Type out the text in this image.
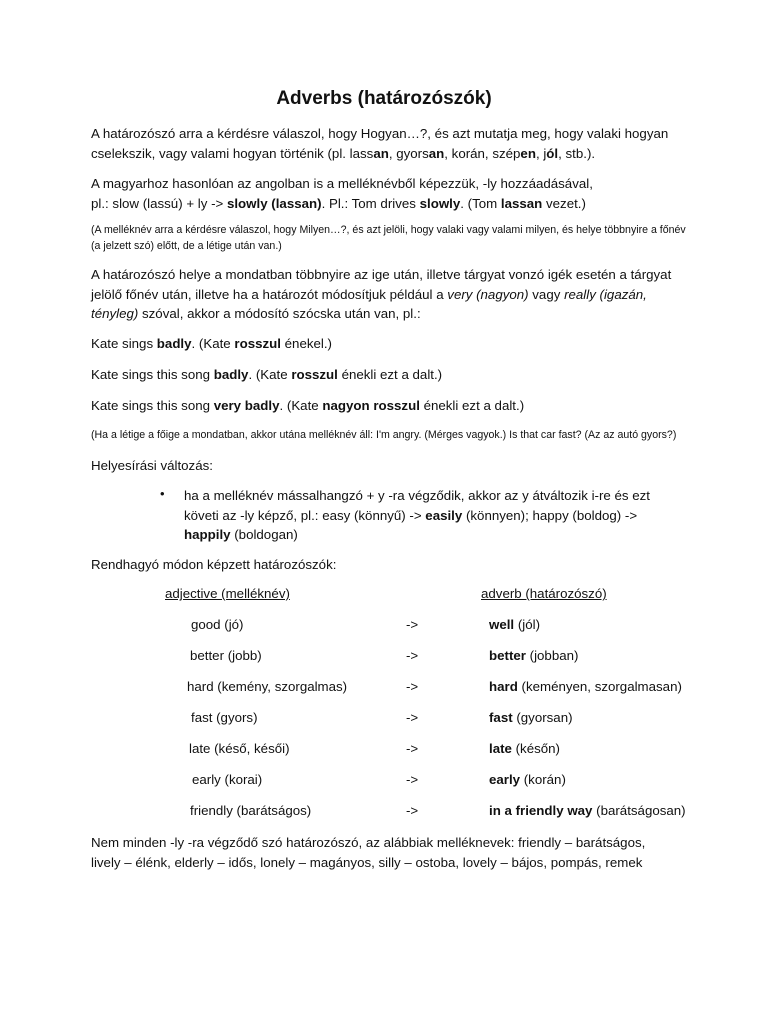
Adverbs (határozószók)

A határozószó arra a kérdésre válaszol, hogy Hogyan…?, és azt mutatja meg, hogy valaki hogyan cselekszik, vagy valami hogyan történik (pl. lassan, gyorsan, korán, szépen, jól, stb.).

A magyarhoz hasonlóan az angolban is a melléknévből képezzük, -ly hozzáadásával,
pl.: slow (lassú) + ly -> slowly (lassan). Pl.: Tom drives slowly. (Tom lassan vezet.)

(A melléknév arra a kérdésre válaszol, hogy Milyen…?, és azt jelöli, hogy valaki vagy valami milyen, és helye többnyire a főnév (a jelzett szó) előtt, de a létige után van.)

A határozószó helye a mondatban többnyire az ige után, illetve tárgyat vonzó igék esetén a tárgyat jelölő főnév után, illetve ha a határozót módosítjuk például a very (nagyon) vagy really (igazán, tényleg) szóval, akkor a módosító szócska után van, pl.:

Kate sings badly. (Kate rosszul énekel.)

Kate sings this song badly. (Kate rosszul énekli ezt a dalt.)

Kate sings this song very badly. (Kate nagyon rosszul énekli ezt a dalt.)

(Ha a létige a főige a mondatban, akkor utána melléknév áll: I'm angry. (Mérges vagyok.) Is that car fast? (Az az autó gyors?)

Helyesírási változás:

• ha a melléknév mássalhangzó + y -ra végződik, akkor az y átváltozik i-re és ezt követi az -ly képző, pl.: easy (könnyű) -> easily (könnyen); happy (boldog) -> happily (boldogan)

Rendhagyó módon képzett határozószók:

adjective (melléknév)	adverb (határozószó)
good (jó)	->	well (jól)
better (jobb)	->	better (jobban)
hard (kemény, szorgalmas)	->	hard (keményen, szorgalmasan)
fast (gyors)	->	fast (gyorsan)
late (késő, késői)	->	late (későn)
early (korai)	->	early (korán)
friendly (barátságos)	->	in a friendly way (barátságosan)

Nem minden -ly -ra végződő szó határozószó, az alábbiak melléknevek: friendly – barátságos,
lively – élénk, elderly – idős, lonely – magányos, silly – ostoba, lovely – bájos, pompás, remek
